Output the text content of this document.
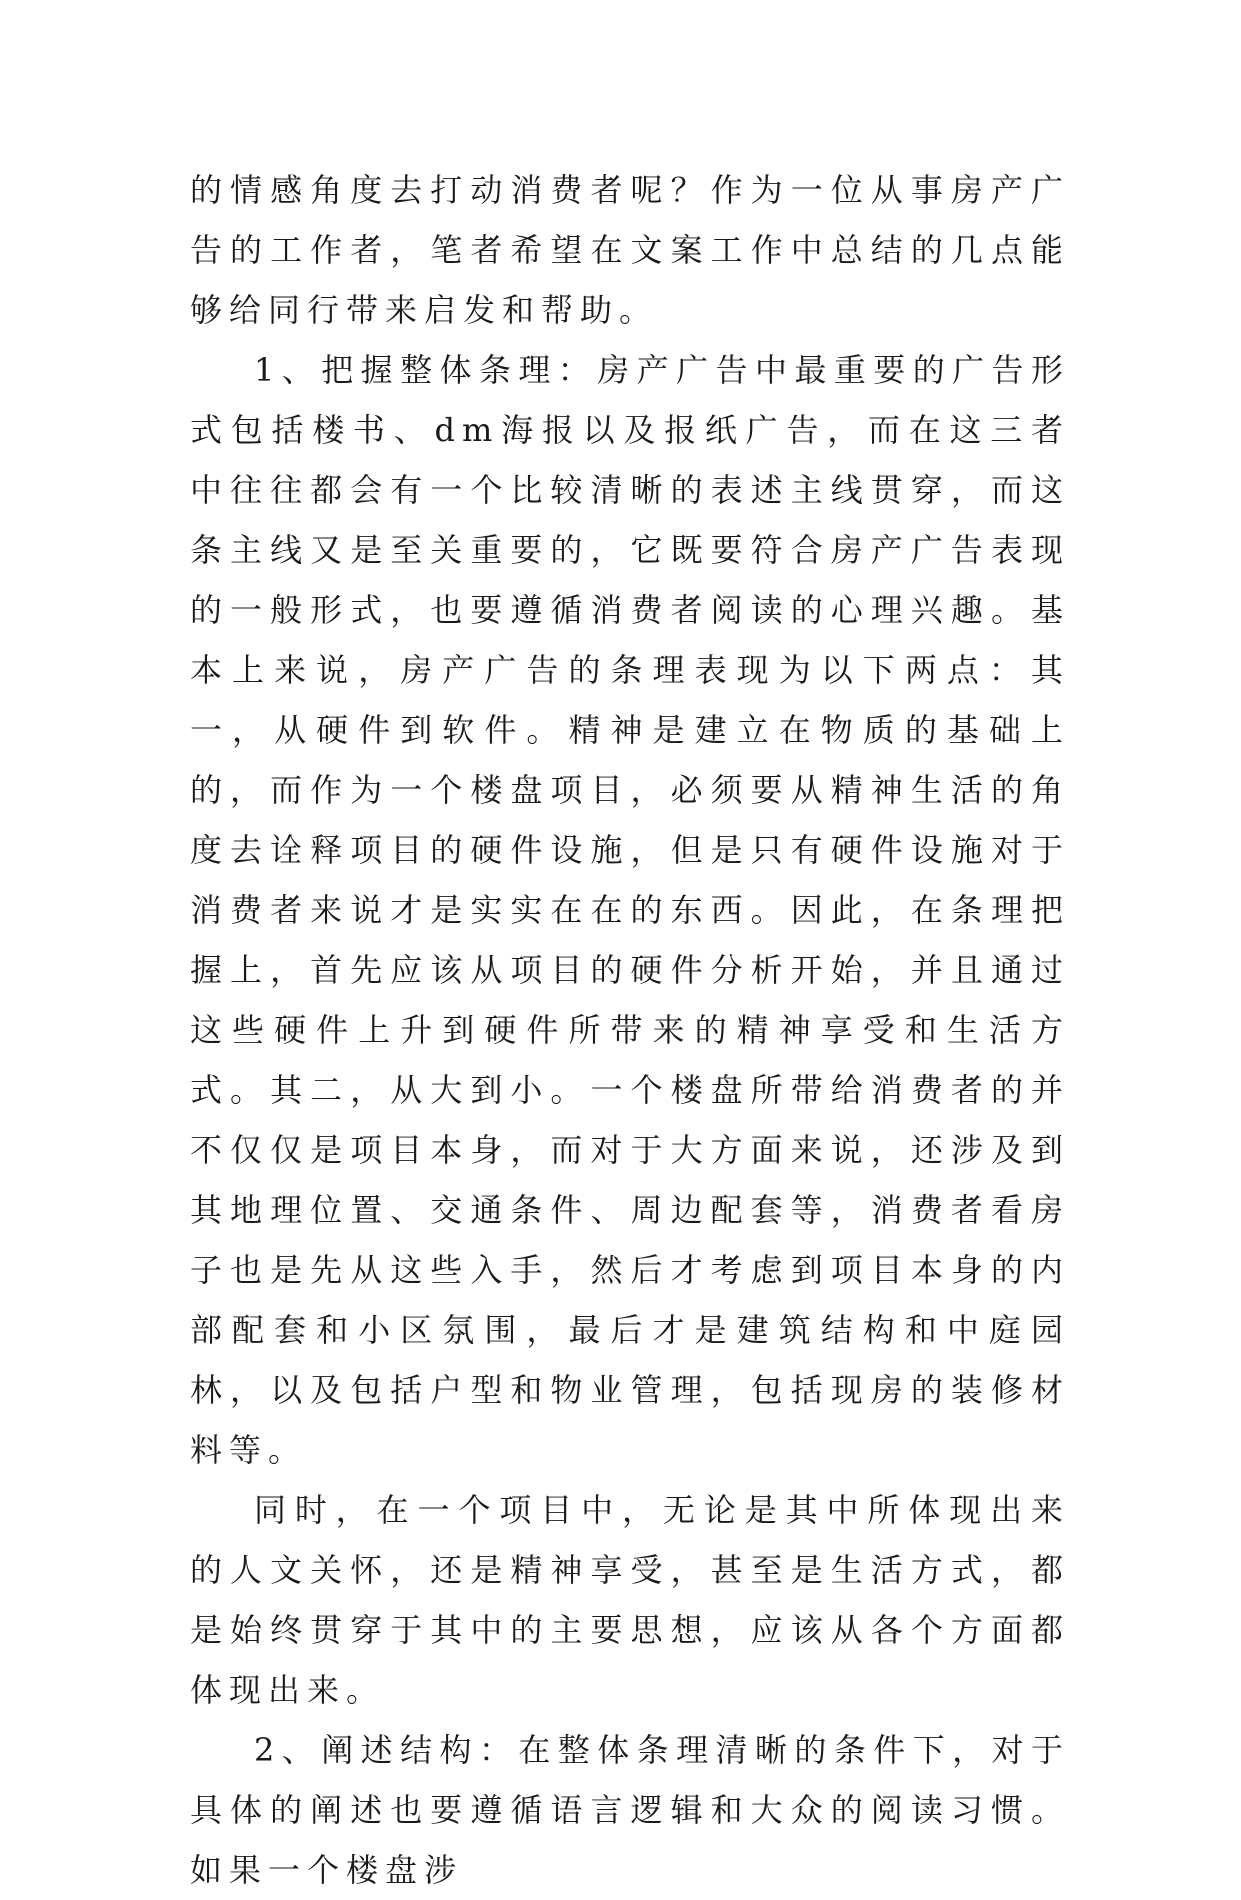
的情感角度去打动消费者呢？作为一位从事房产广告的工作者，笔者希望在文案工作中总结的几点能够给同行带来启发和帮助。

1、把握整体条理：房产广告中最重要的广告形式包括楼书、dm海报以及报纸广告，而在这三者中往往都会有一个比较清晰的表述主线贯穿，而这条主线又是至关重要的，它既要符合房产广告表现的一般形式，也要遵循消费者阅读的心理兴趣。基本上来说，房产广告的条理表现为以下两点：其一，从硬件到软件。精神是建立在物质的基础上的，而作为一个楼盘项目，必须要从精神生活的角度去诠释项目的硬件设施，但是只有硬件设施对于消费者来说才是实实在在的东西。因此，在条理把握上，首先应该从项目的硬件分析开始，并且通过这些硬件上升到硬件所带来的精神享受和生活方式。其二，从大到小。一个楼盘所带给消费者的并不仅仅是项目本身，而对于大方面来说，还涉及到其地理位置、交通条件、周边配套等，消费者看房子也是先从这些入手，然后才考虑到项目本身的内部配套和小区氛围，最后才是建筑结构和中庭园林，以及包括户型和物业管理，包括现房的装修材料等。

同时，在一个项目中，无论是其中所体现出来的人文关怀，还是精神享受，甚至是生活方式，都是始终贯穿于其中的主要思想，应该从各个方面都体现出来。

2、阐述结构：在整体条理清晰的条件下，对于具体的阐述也要遵循语言逻辑和大众的阅读习惯。如果一个楼盘涉
